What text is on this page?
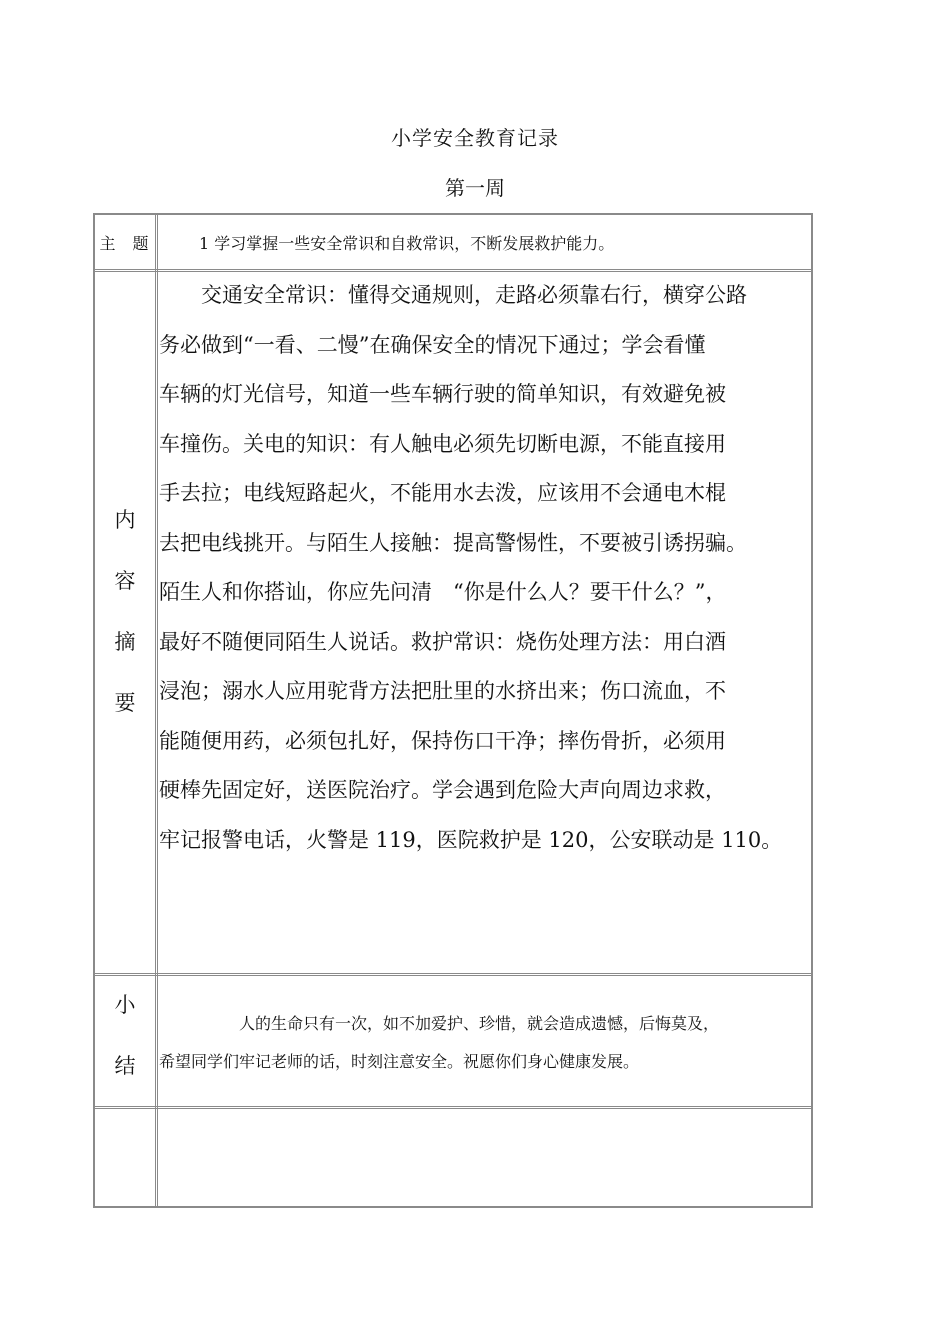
小学安全教育记录
第一周
主 题	1 学习掌握一些安全常识和自救常识，不断发展救护能力。
内
容
摘
要
　　交通安全常识：懂得交通规则，走路必须靠右行，横穿公路
务必做到“一看、二慢”在确保安全的情况下通过；学会看懂
车辆的灯光信号，知道一些车辆行驶的简单知识，有效避免被
车撞伤。关电的知识：有人触电必须先切断电源，不能直接用
手去拉；电线短路起火，不能用水去泼，应该用不会通电木棍
去把电线挑开。与陌生人接触：提高警惕性，不要被引诱拐骗。
陌生人和你搭讪，你应先问清　“你是什么人？要干什么？”，
最好不随便同陌生人说话。救护常识：烧伤处理方法：用白酒
浸泡；溺水人应用驼背方法把肚里的水挤出来；伤口流血，不
能随便用药，必须包扎好，保持伤口干净；摔伤骨折，必须用
硬棒先固定好，送医院治疗。学会遇到危险大声向周边求救，
牢记报警电话，火警是 119，医院救护是 120，公安联动是 110。
小
结
　　　　　人的生命只有一次，如不加爱护、珍惜，就会造成遗憾，后悔莫及，
希望同学们牢记老师的话，时刻注意安全。祝愿你们身心健康发展。
